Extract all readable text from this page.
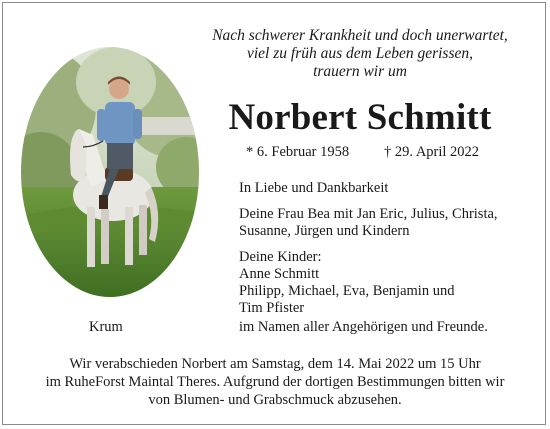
Nach schwerer Krankheit und doch unerwartet,
viel zu früh aus dem Leben gerissen,
trauern wir um
Norbert Schmitt
* 6. Februar 1958 † 29. April 2022
In Liebe und Dankbarkeit
Deine Frau Bea mit Jan Eric, Julius, Christa,
Susanne, Jürgen und Kindern
Deine Kinder:
Anne Schmitt
Philipp, Michael, Eva, Benjamin und
Tim Pfister
Krum	im Namen aller Angehörigen und Freunde.
Wir verabschieden Norbert am Samstag, dem 14. Mai 2022 um 15 Uhr
im RuheForst Maintal Theres. Aufgrund der dortigen Bestimmungen bitten wir
von Blumen- und Grabschmuck abzusehen.
